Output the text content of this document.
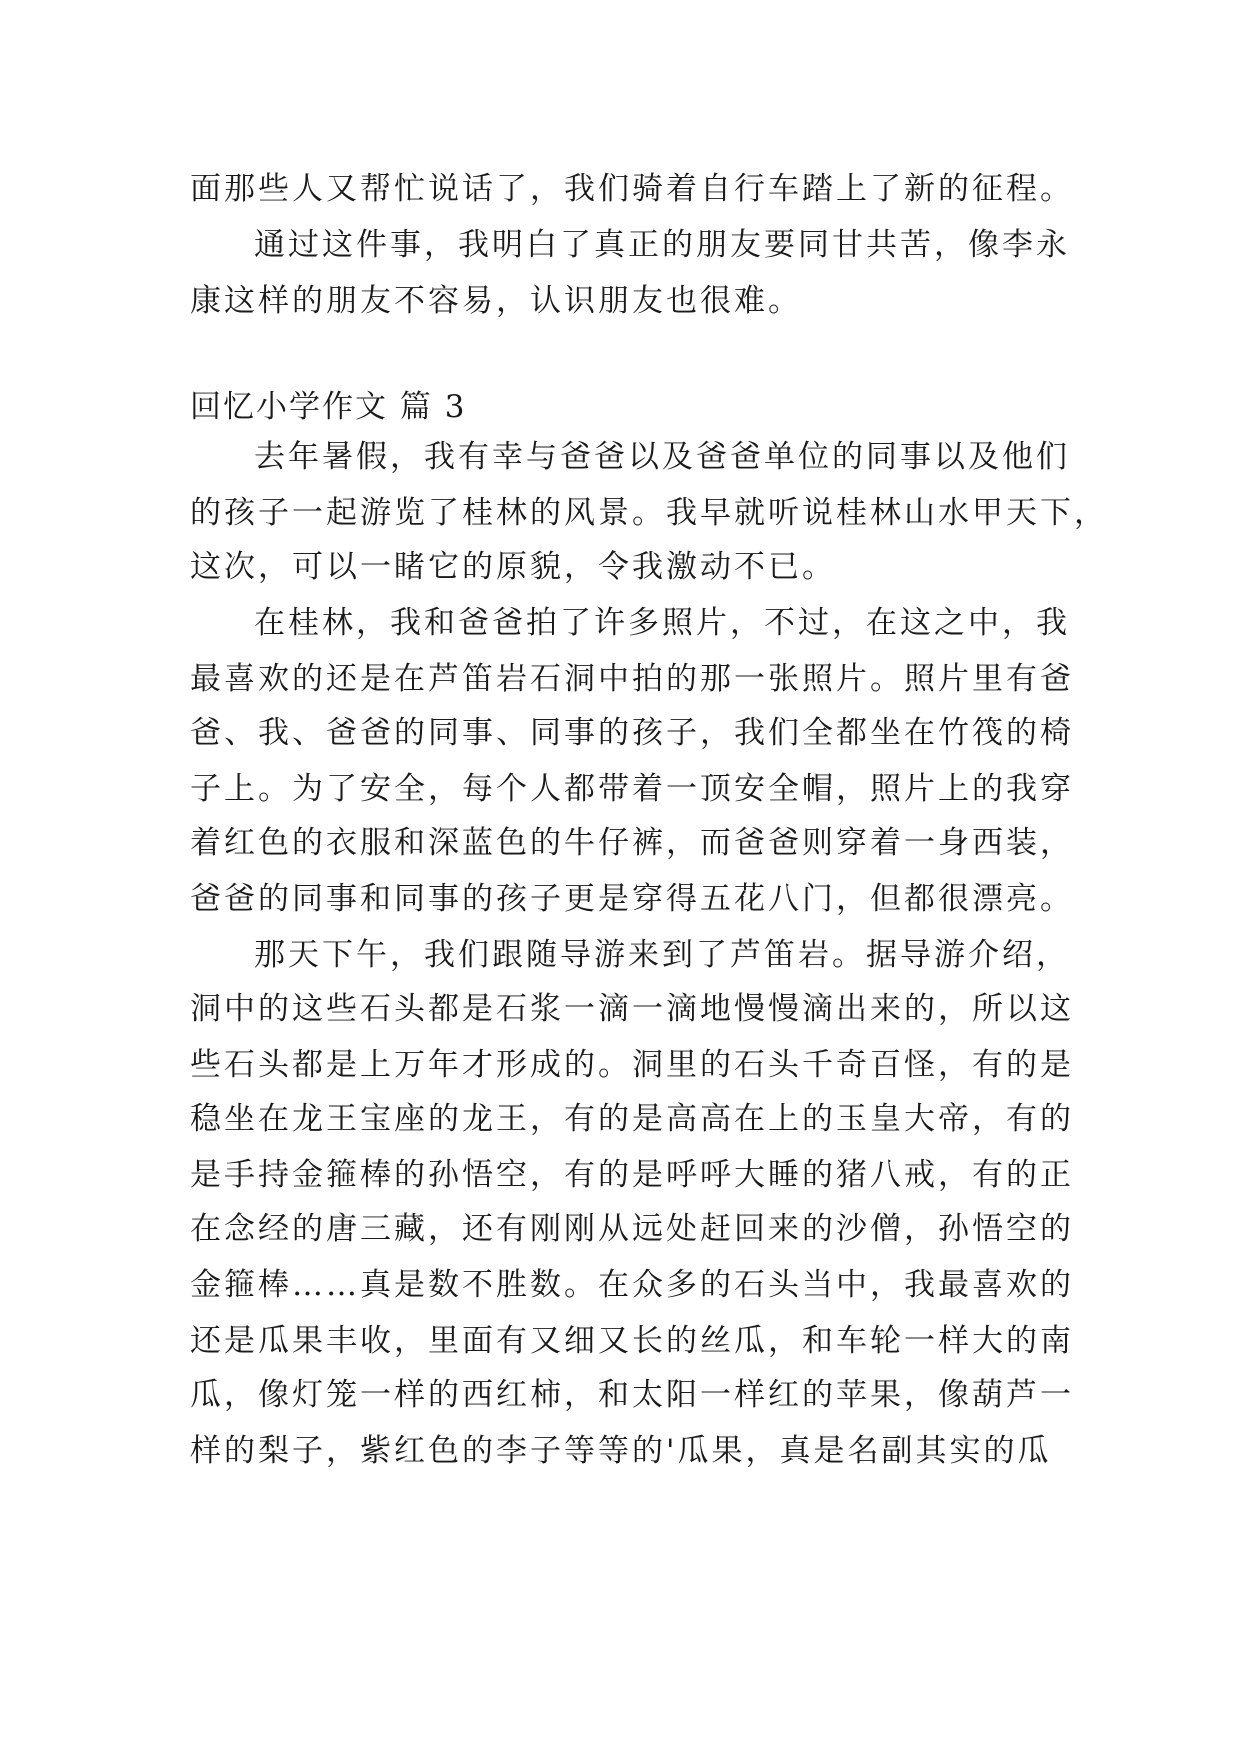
面那些人又帮忙说话了，我们骑着自行车踏上了新的征程。
通过这件事，我明白了真正的朋友要同甘共苦，像李永
康这样的朋友不容易，认识朋友也很难。
回忆小学作文 篇 3
去年暑假，我有幸与爸爸以及爸爸单位的同事以及他们
的孩子一起游览了桂林的风景。我早就听说桂林山水甲天下，
这次，可以一睹它的原貌，令我激动不已。
在桂林，我和爸爸拍了许多照片，不过，在这之中，我
最喜欢的还是在芦笛岩石洞中拍的那一张照片。照片里有爸
爸、我、爸爸的同事、同事的孩子，我们全都坐在竹筏的椅
子上。为了安全，每个人都带着一顶安全帽，照片上的我穿
着红色的衣服和深蓝色的牛仔裤，而爸爸则穿着一身西装，
爸爸的同事和同事的孩子更是穿得五花八门，但都很漂亮。
那天下午，我们跟随导游来到了芦笛岩。据导游介绍，
洞中的这些石头都是石浆一滴一滴地慢慢滴出来的，所以这
些石头都是上万年才形成的。洞里的石头千奇百怪，有的是
稳坐在龙王宝座的龙王，有的是高高在上的玉皇大帝，有的
是手持金箍棒的孙悟空，有的是呼呼大睡的猪八戒，有的正
在念经的唐三藏，还有刚刚从远处赶回来的沙僧，孙悟空的
金箍棒……真是数不胜数。在众多的石头当中，我最喜欢的
还是瓜果丰收，里面有又细又长的丝瓜，和车轮一样大的南
瓜，像灯笼一样的西红柿，和太阳一样红的苹果，像葫芦一
样的梨子，紫红色的李子等等的'瓜果，真是名副其实的瓜
